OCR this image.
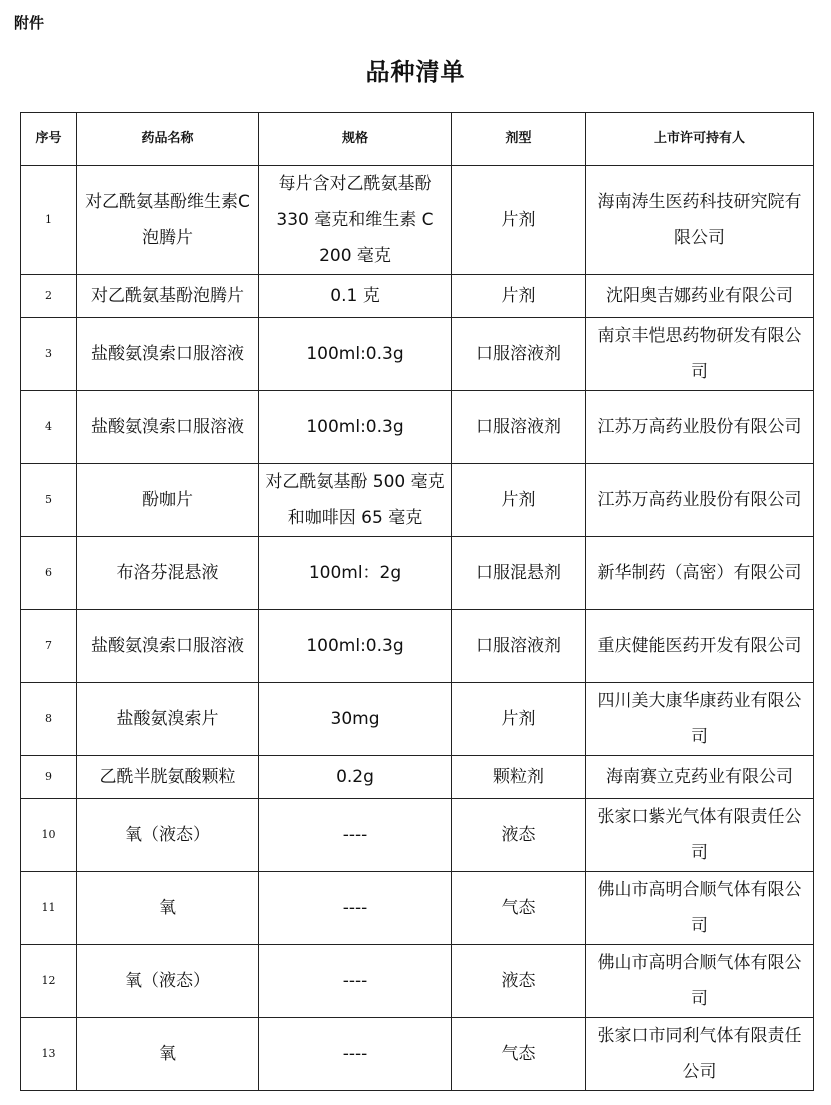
附件
品种清单
序号	药品名称	规格	剂型	上市许可持有人
1	对乙酰氨基酚维生素C 泡腾片	每片含对乙酰氨基酚 330 毫克和维生素 C 200 毫克	片剂	海南涛生医药科技研究院有限公司
2	对乙酰氨基酚泡腾片	0.1 克	片剂	沈阳奥吉娜药业有限公司
3	盐酸氨溴索口服溶液	100ml:0.3g	口服溶液剂	南京丰恺思药物研发有限公司
4	盐酸氨溴索口服溶液	100ml:0.3g	口服溶液剂	江苏万高药业股份有限公司
5	酚咖片	对乙酰氨基酚 500 毫克和咖啡因 65 毫克	片剂	江苏万高药业股份有限公司
6	布洛芬混悬液	100ml：2g	口服混悬剂	新华制药（高密）有限公司
7	盐酸氨溴索口服溶液	100ml:0.3g	口服溶液剂	重庆健能医药开发有限公司
8	盐酸氨溴索片	30mg	片剂	四川美大康华康药业有限公司
9	乙酰半胱氨酸颗粒	0.2g	颗粒剂	海南赛立克药业有限公司
10	氧（液态）	----	液态	张家口紫光气体有限责任公司
11	氧	----	气态	佛山市高明合顺气体有限公司
12	氧（液态）	----	液态	佛山市高明合顺气体有限公司
13	氧	----	气态	张家口市同利气体有限责任公司
